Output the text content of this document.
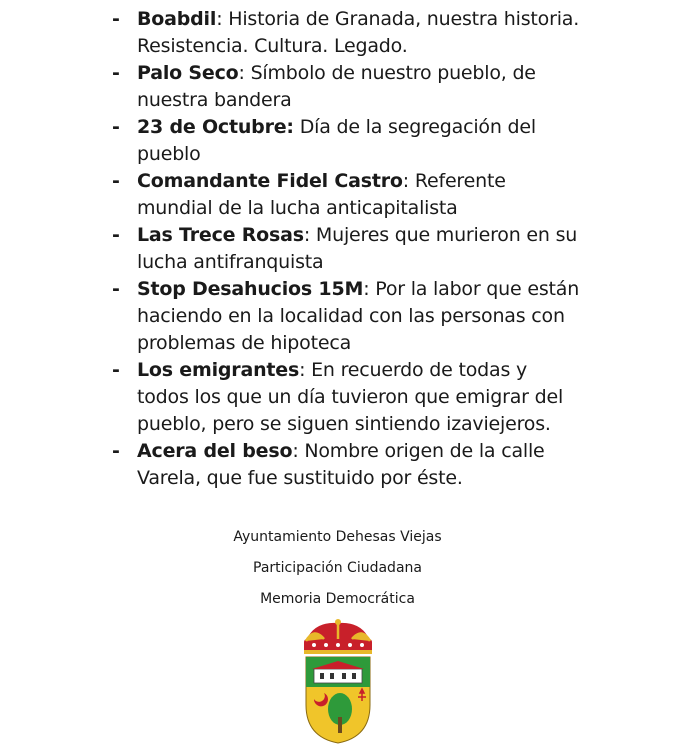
- Boabdil: Historia de Granada, nuestra historia. Resistencia. Cultura. Legado.
- Palo Seco: Símbolo de nuestro pueblo, de nuestra bandera
- 23 de Octubre: Día de la segregación del pueblo
- Comandante Fidel Castro: Referente mundial de la lucha anticapitalista
- Las Trece Rosas: Mujeres que murieron en su lucha antifranquista
- Stop Desahucios 15M: Por la labor que están haciendo en la localidad con las personas con problemas de hipoteca
- Los emigrantes: En recuerdo de todas y todos los que un día tuvieron que emigrar del pueblo, pero se siguen sintiendo izaviejeros.
- Acera del beso: Nombre origen de la calle Varela, que fue sustituido por éste.
Ayuntamiento Dehesas Viejas
Participación Ciudadana
Memoria Democrática
